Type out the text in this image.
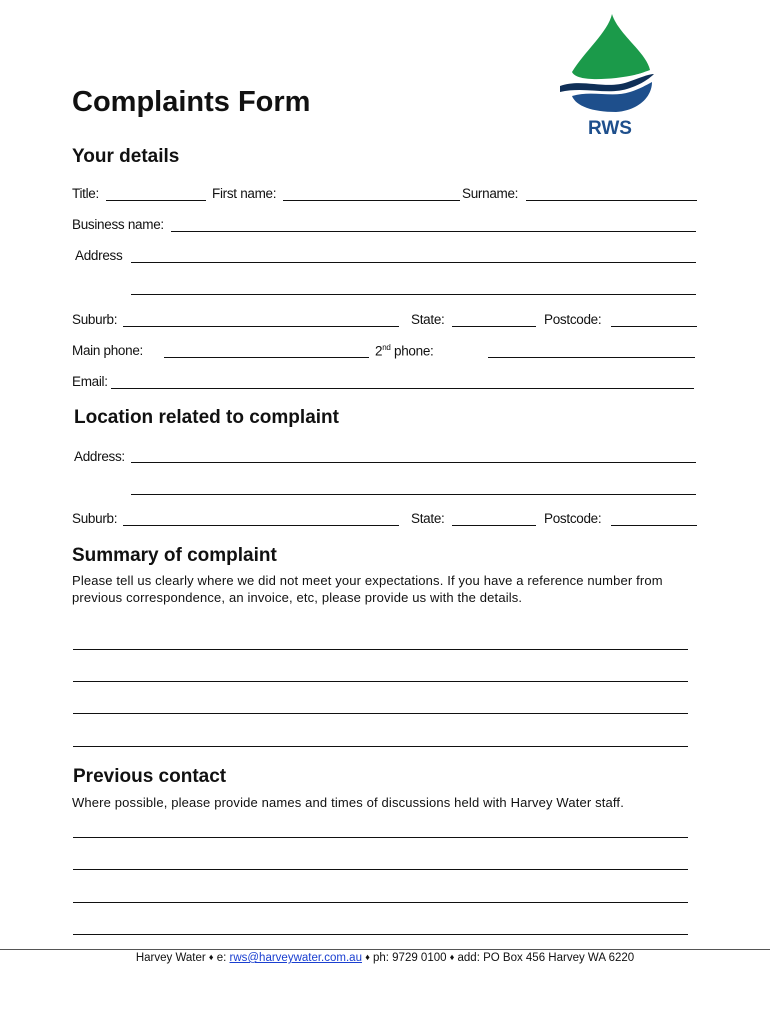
RWS
Complaints Form
Your details
Title:	First name:	Surname:
Business name:
Address
Suburb:	State:	Postcode:
Main phone:	2nd phone:
Email:
Location related to complaint
Address:
Suburb:	State:	Postcode:
Summary of complaint

Please tell us clearly where we did not meet your expectations. If you have a reference number from previous correspondence, an invoice, etc, please provide us with the details.

Previous contact

Where possible, please provide names and times of discussions held with Harvey Water staff.

Harvey Water ♦ e: rws@harveywater.com.au ♦ ph: 9729 0100 ♦ add: PO Box 456 Harvey WA 6220
